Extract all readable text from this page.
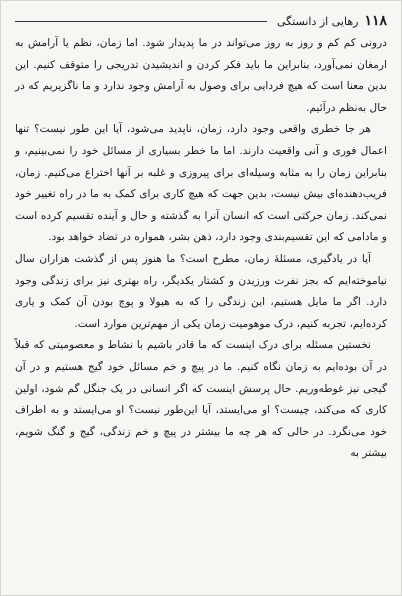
۱۱۸
رهایی از دانستگی

درونی کم کم و روز به روز می‌تواند در ما پدیدار شود. اما زمان، نظم یا آرامش به ارمغان نمی‌آورد، بنابراین ما باید فکر کردن و اندیشیدن تدریجی را متوقف کنیم. این بدین معنا است که هیچ فردایی برای وصول به آرامش وجود ندارد و ما ناگزیریم که در حال به‌نظم درآئیم.

هر جا خطری واقعی وجود دارد، زمان، ناپدید می‌شود، آیا این طور نیست؟ تنها اعمال فوری و آنی واقعیت دارند. اما ما خطر بسیاری از مسائل خود را نمی‌بینیم، و بنابراین زمان را به مثابه وسیله‌ای برای پیروزی و غلبه بر آنها اختراع می‌کنیم. زمان، فریب‌دهنده‌ای بیش نیست، بدین جهت که هیچ کاری برای کمک به ما در راه تغییر خود نمی‌کند. زمان حرکتی است که انسان آنرا به گذشته و حال و آینده تقسیم کرده است و مادامی که این تقسیم‌بندی وجود دارد، ذهن بشر، همواره در تضاد خواهد بود.

آیا در یادگیری، مسئلهٔ زمان، مطرح است؟ ما هنوز پس از گذشت هزاران سال نیاموخته‌ایم که بجز نفرت ورزیدن و کشتار یکدیگر، راه بهتری نیز برای زندگی وجود دارد. اگر ما مایل هستیم، این زندگی را که به هیولا و پوچ بودن آن کمک و یاری کرده‌ایم، تجربه کنیم، درک موهومیت زمان یکی از مهم‌ترین موارد است.

نخستین مسئله برای درک اینست که ما قادر باشیم با نشاط و معصومیتی که قبلاً در آن بوده‌ایم به زمان نگاه کنیم. ما در پیچ و خم مسائل خود گیج هستیم و در آن گیجی نیز غوطه‌وریم. حال پرسش اینست که اگر انسانی در یک جنگل گم شود، اولین کاری که می‌کند، چیست؟ او می‌ایستد، آیا این‌طور نیست؟ او می‌ایستد و به اطراف خود می‌نگرد. در حالی که هر چه ما بیشتر در پیچ و خم زندگی، گیج و گنگ شویم، بیشتر به
